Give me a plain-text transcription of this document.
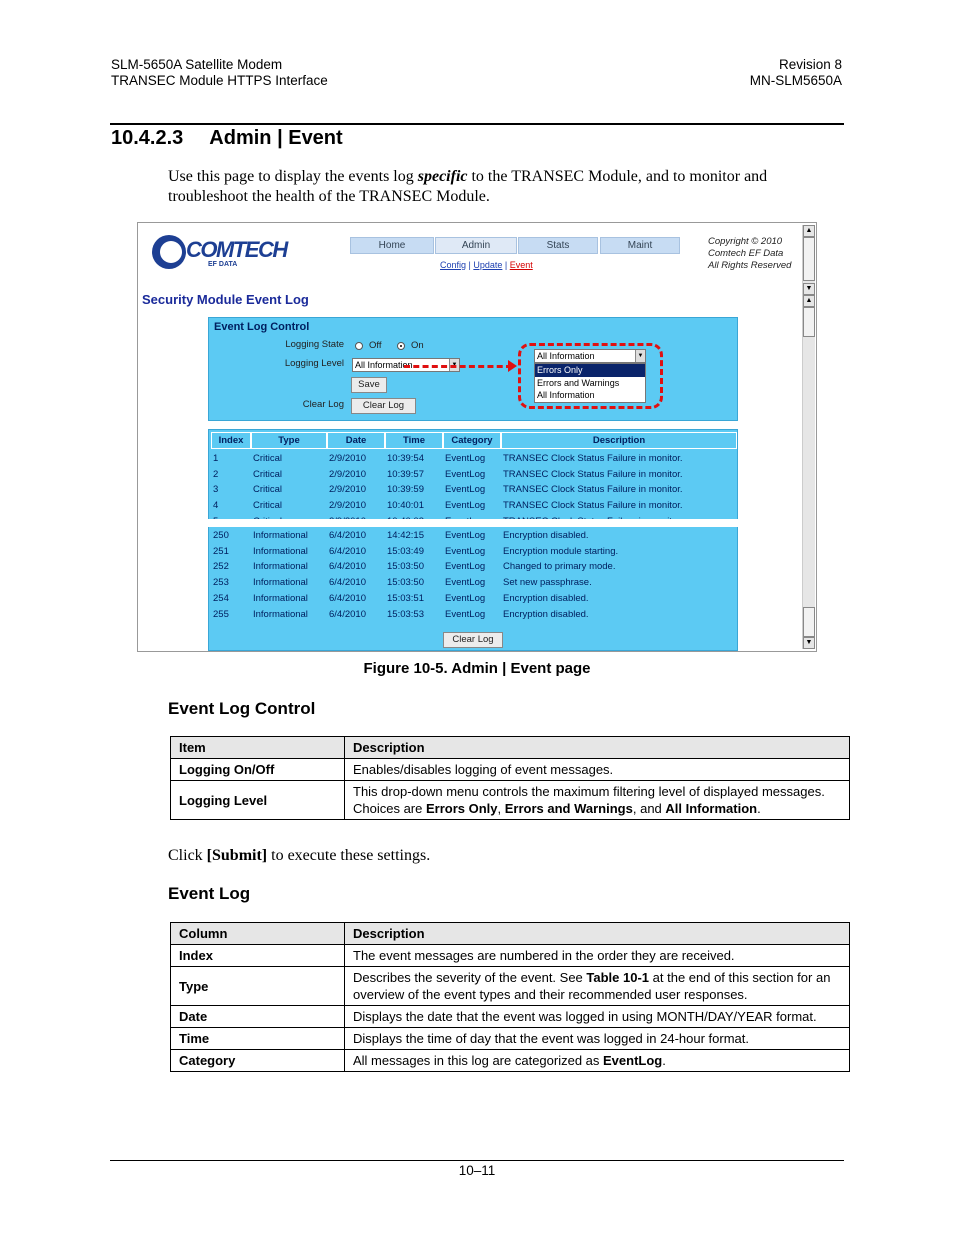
SLM-5650A Satellite Modem
TRANSEC Module HTTPS Interface
Revision 8
MN-SLM5650A
10.4.2.3 Admin | Event
Use this page to display the events log specific to the TRANSEC Module, and to monitor and troubleshoot the health of the TRANSEC Module.
COMTECH
EF DATA
Home	Admin	Stats	Maint
Config | Update | Event
Copyright © 2010
Comtech EF Data
All Rights Reserved
Security Module Event Log
Event Log Control
Logging State	Off	On
Logging Level	All Information	▼
Save
Clear Log	Clear Log
All Information	▼
Errors Only
Errors and Warnings
All Information
Index	Type	Date	Time	Category	Description
1	Critical	2/9/2010	10:39:54	EventLog	TRANSEC Clock Status Failure in monitor.
2	Critical	2/9/2010	10:39:57	EventLog	TRANSEC Clock Status Failure in monitor.
3	Critical	2/9/2010	10:39:59	EventLog	TRANSEC Clock Status Failure in monitor.
4	Critical	2/9/2010	10:40:01	EventLog	TRANSEC Clock Status Failure in monitor.
250	Informational	6/4/2010	14:42:15	EventLog	Encryption disabled.
251	Informational	6/4/2010	15:03:49	EventLog	Encryption module starting.
252	Informational	6/4/2010	15:03:50	EventLog	Changed to primary mode.
253	Informational	6/4/2010	15:03:50	EventLog	Set new passphrase.
254	Informational	6/4/2010	15:03:51	EventLog	Encryption disabled.
255	Informational	6/4/2010	15:03:53	EventLog	Encryption disabled.
Clear Log
▲
▼
▲
▼
Figure 10-5. Admin | Event page
Event Log Control
Item	Description
Logging On/Off	Enables/disables logging of event messages.
Logging Level	This drop-down menu controls the maximum filtering level of displayed messages.
Choices are Errors Only, Errors and Warnings, and All Information.
Click [Submit] to execute these settings.
Event Log
Column	Description
Index	The event messages are numbered in the order they are received.
Type	Describes the severity of the event. See Table 10-1 at the end of this section for an overview of the event types and their recommended user responses.
Date	Displays the date that the event was logged in using MONTH/DAY/YEAR format.
Time	Displays the time of day that the event was logged in 24-hour format.
Category	All messages in this log are categorized as EventLog.
10–11
